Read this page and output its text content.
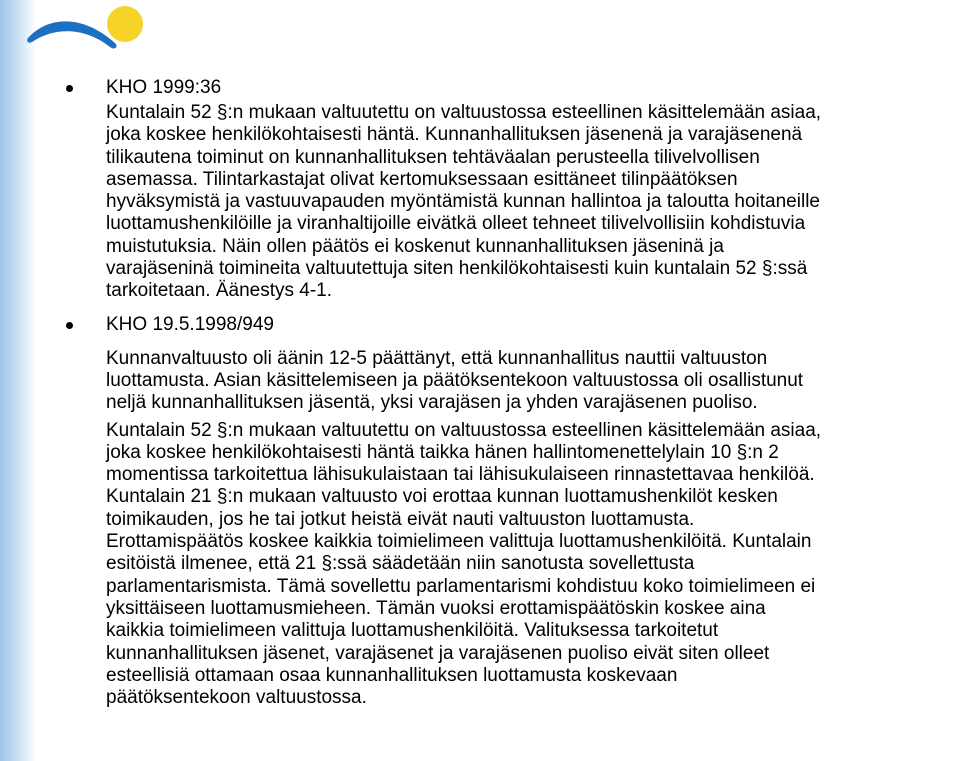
KHO 1999:36

Kuntalain 52 §:n mukaan valtuutettu on valtuustossa esteellinen käsittelemään asiaa,
joka koskee henkilökohtaisesti häntä. Kunnanhallituksen jäsenenä ja varajäsenenä
tilikautena toiminut on kunnanhallituksen tehtäväalan perusteella tilivelvollisen
asemassa. Tilintarkastajat olivat kertomuksessaan esittäneet tilinpäätöksen
hyväksymistä ja vastuuvapauden myöntämistä kunnan hallintoa ja taloutta hoitaneille
luottamushenkilöille ja viranhaltijoille eivätkä olleet tehneet tilivelvollisiin kohdistuvia
muistutuksia. Näin ollen päätös ei koskenut kunnanhallituksen jäseninä ja
varajäseninä toimineita valtuutettuja siten henkilökohtaisesti kuin kuntalain 52 §:ssä
tarkoitetaan. Äänestys 4-1.

KHO 19.5.1998/949

Kunnanvaltuusto oli äänin 12-5 päättänyt, että kunnanhallitus nauttii valtuuston
luottamusta. Asian käsittelemiseen ja päätöksentekoon valtuustossa oli osallistunut
neljä kunnanhallituksen jäsentä, yksi varajäsen ja yhden varajäsenen puoliso.

Kuntalain 52 §:n mukaan valtuutettu on valtuustossa esteellinen käsittelemään asiaa,
joka koskee henkilökohtaisesti häntä taikka hänen hallintomenettelylain 10 §:n 2
momentissa tarkoitettua lähisukulaistaan tai lähisukulaiseen rinnastettavaa henkilöä.
Kuntalain 21 §:n mukaan valtuusto voi erottaa kunnan luottamushenkilöt kesken
toimikauden, jos he tai jotkut heistä eivät nauti valtuuston luottamusta.
Erottamispäätös koskee kaikkia toimielimeen valittuja luottamushenkilöitä. Kuntalain
esitöistä ilmenee, että 21 §:ssä säädetään niin sanotusta sovellettusta
parlamentarismista. Tämä sovellettu parlamentarismi kohdistuu koko toimielimeen ei
yksittäiseen luottamusmieheen. Tämän vuoksi erottamispäätöskin koskee aina
kaikkia toimielimeen valittuja luottamushenkilöitä. Valituksessa tarkoitetut
kunnanhallituksen jäsenet, varajäsenet ja varajäsenen puoliso eivät siten olleet
esteellisiä ottamaan osaa kunnanhallituksen luottamusta koskevaan
päätöksentekoon valtuustossa.
